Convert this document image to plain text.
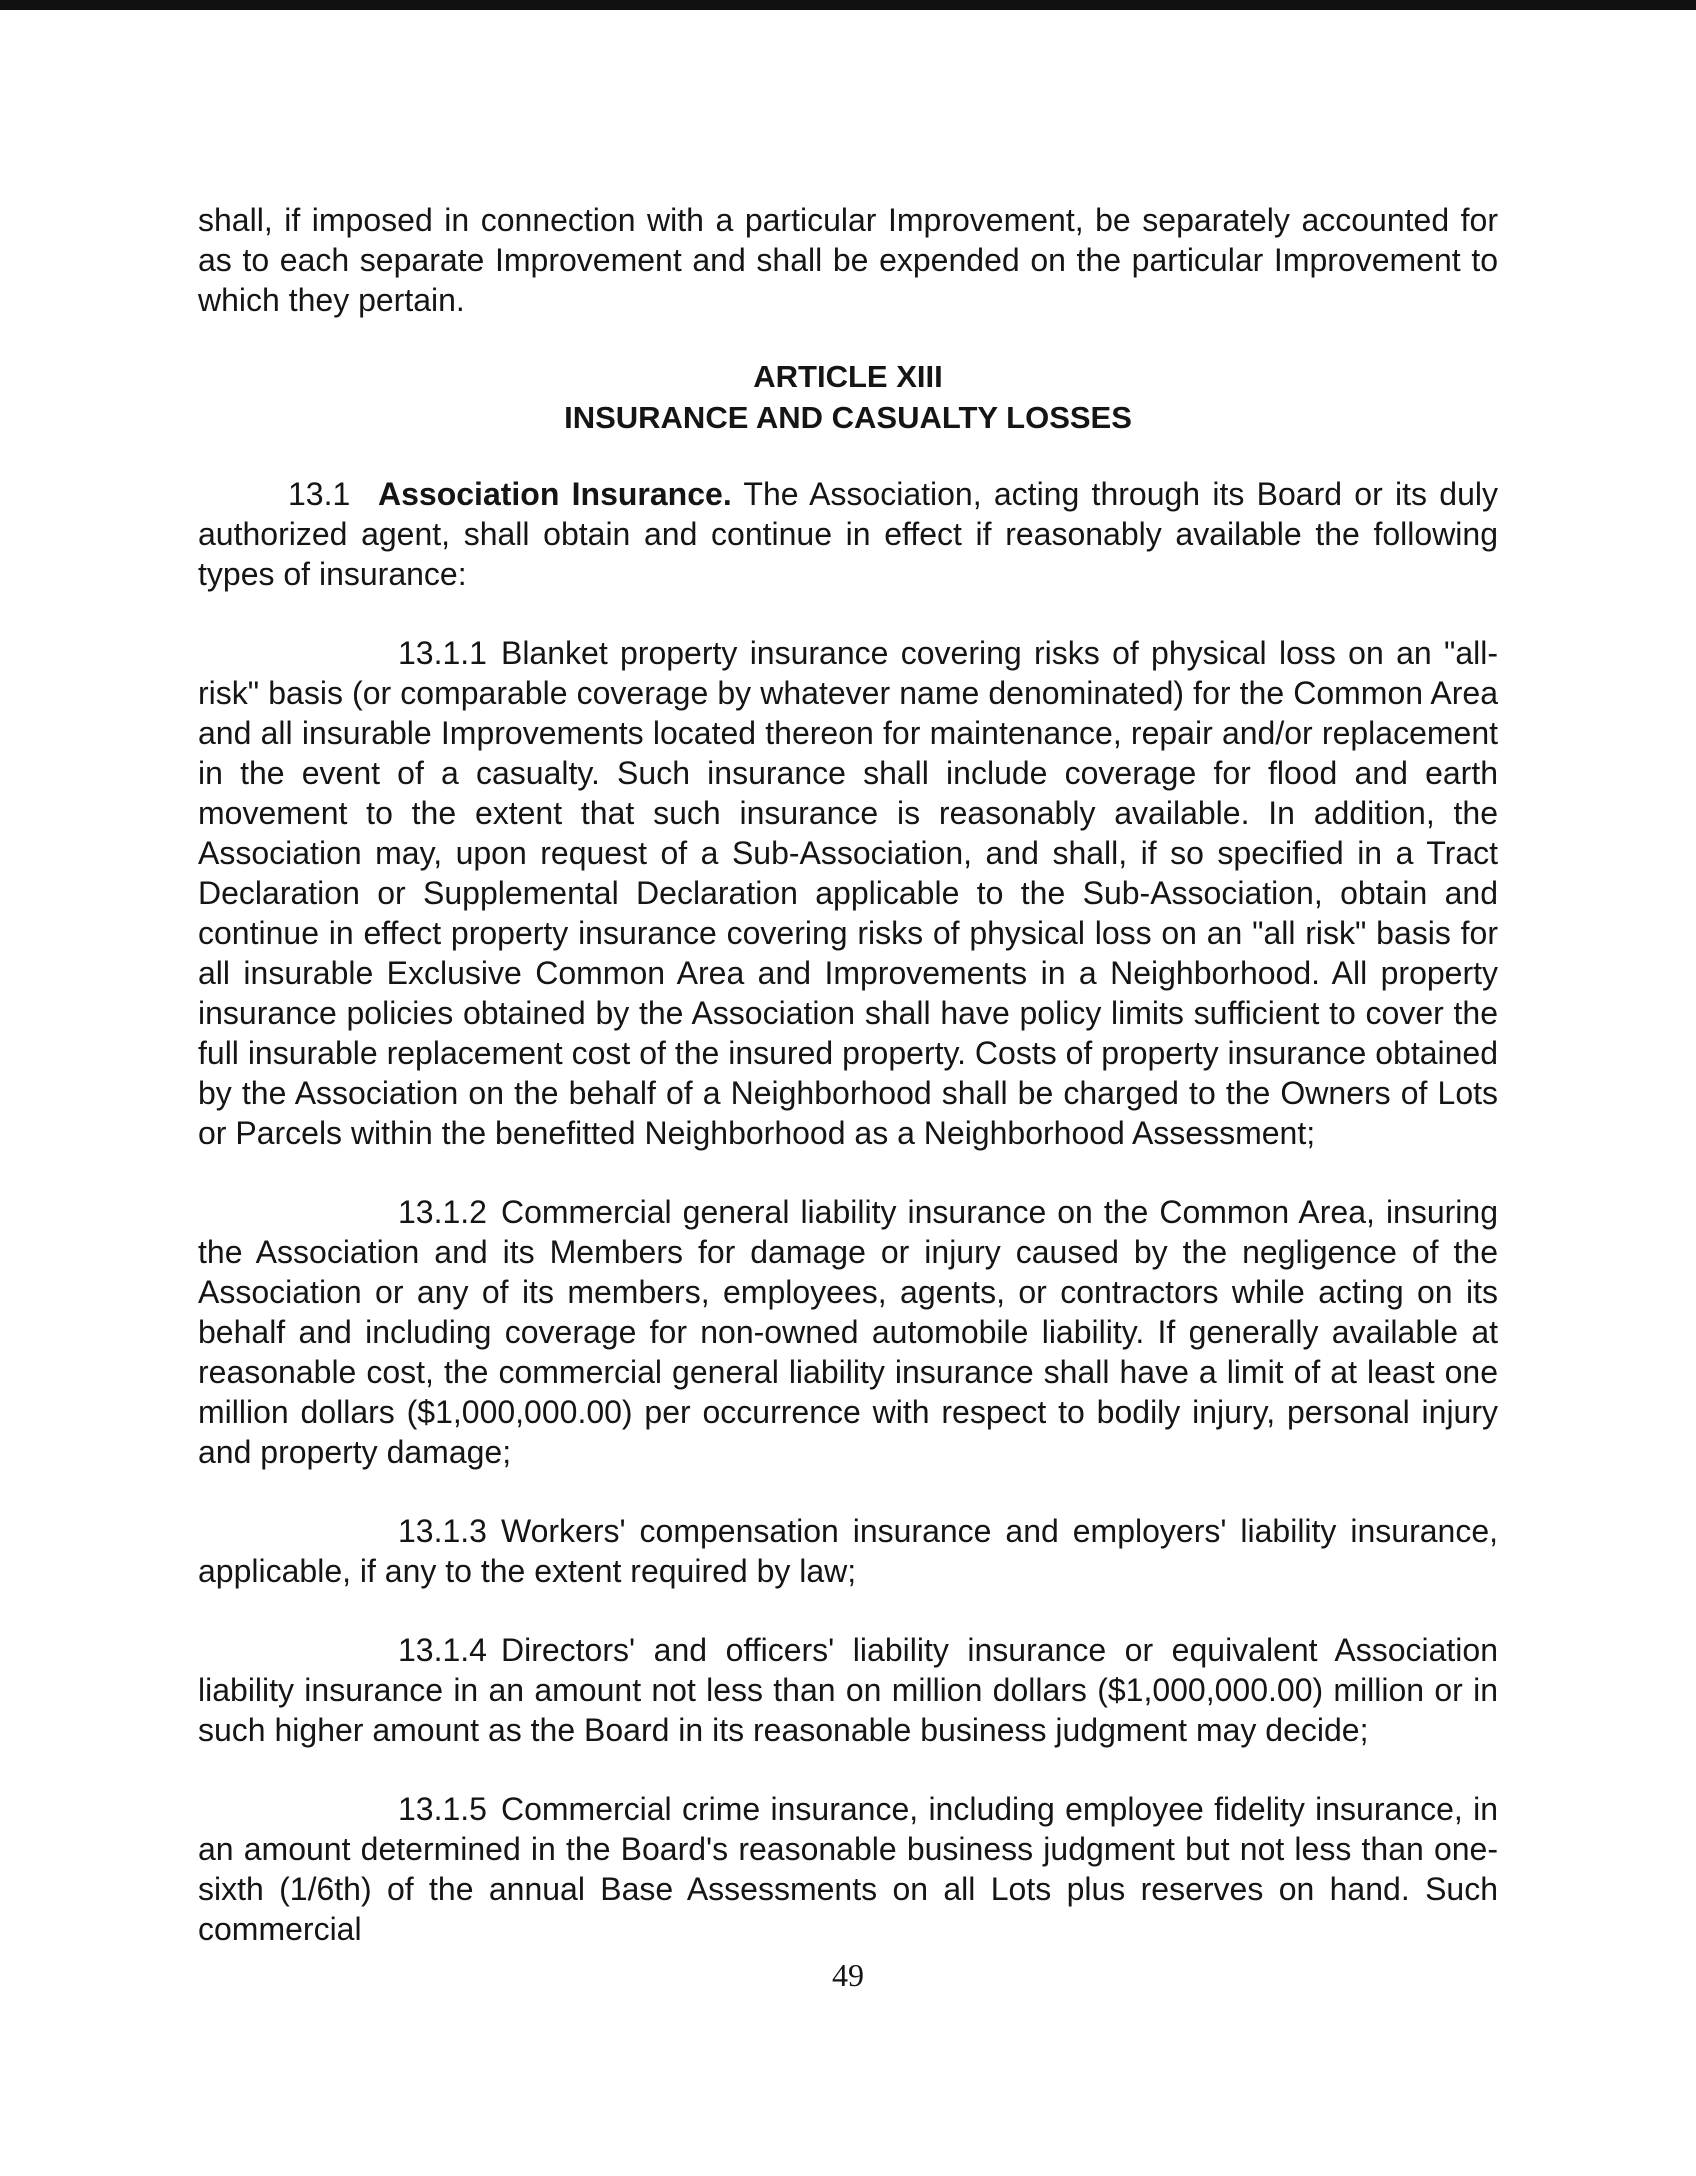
shall, if imposed in connection with a particular Improvement, be separately accounted for as to each separate Improvement and shall be expended on the particular Improvement to which they pertain.

ARTICLE XIII
INSURANCE AND CASUALTY LOSSES

13.1 Association Insurance. The Association, acting through its Board or its duly authorized agent, shall obtain and continue in effect if reasonably available the following types of insurance:

13.1.1 Blanket property insurance covering risks of physical loss on an "all-risk" basis (or comparable coverage by whatever name denominated) for the Common Area and all insurable Improvements located thereon for maintenance, repair and/or replacement in the event of a casualty. Such insurance shall include coverage for flood and earth movement to the extent that such insurance is reasonably available. In addition, the Association may, upon request of a Sub-Association, and shall, if so specified in a Tract Declaration or Supplemental Declaration applicable to the Sub-Association, obtain and continue in effect property insurance covering risks of physical loss on an "all risk" basis for all insurable Exclusive Common Area and Improvements in a Neighborhood. All property insurance policies obtained by the Association shall have policy limits sufficient to cover the full insurable replacement cost of the insured property. Costs of property insurance obtained by the Association on the behalf of a Neighborhood shall be charged to the Owners of Lots or Parcels within the benefitted Neighborhood as a Neighborhood Assessment;

13.1.2 Commercial general liability insurance on the Common Area, insuring the Association and its Members for damage or injury caused by the negligence of the Association or any of its members, employees, agents, or contractors while acting on its behalf and including coverage for non-owned automobile liability. If generally available at reasonable cost, the commercial general liability insurance shall have a limit of at least one million dollars ($1,000,000.00) per occurrence with respect to bodily injury, personal injury and property damage;

13.1.3 Workers' compensation insurance and employers' liability insurance, applicable, if any to the extent required by law;

13.1.4 Directors' and officers' liability insurance or equivalent Association liability insurance in an amount not less than on million dollars ($1,000,000.00) million or in such higher amount as the Board in its reasonable business judgment may decide;

13.1.5 Commercial crime insurance, including employee fidelity insurance, in an amount determined in the Board's reasonable business judgment but not less than one-sixth (1/6th) of the annual Base Assessments on all Lots plus reserves on hand. Such commercial

49
